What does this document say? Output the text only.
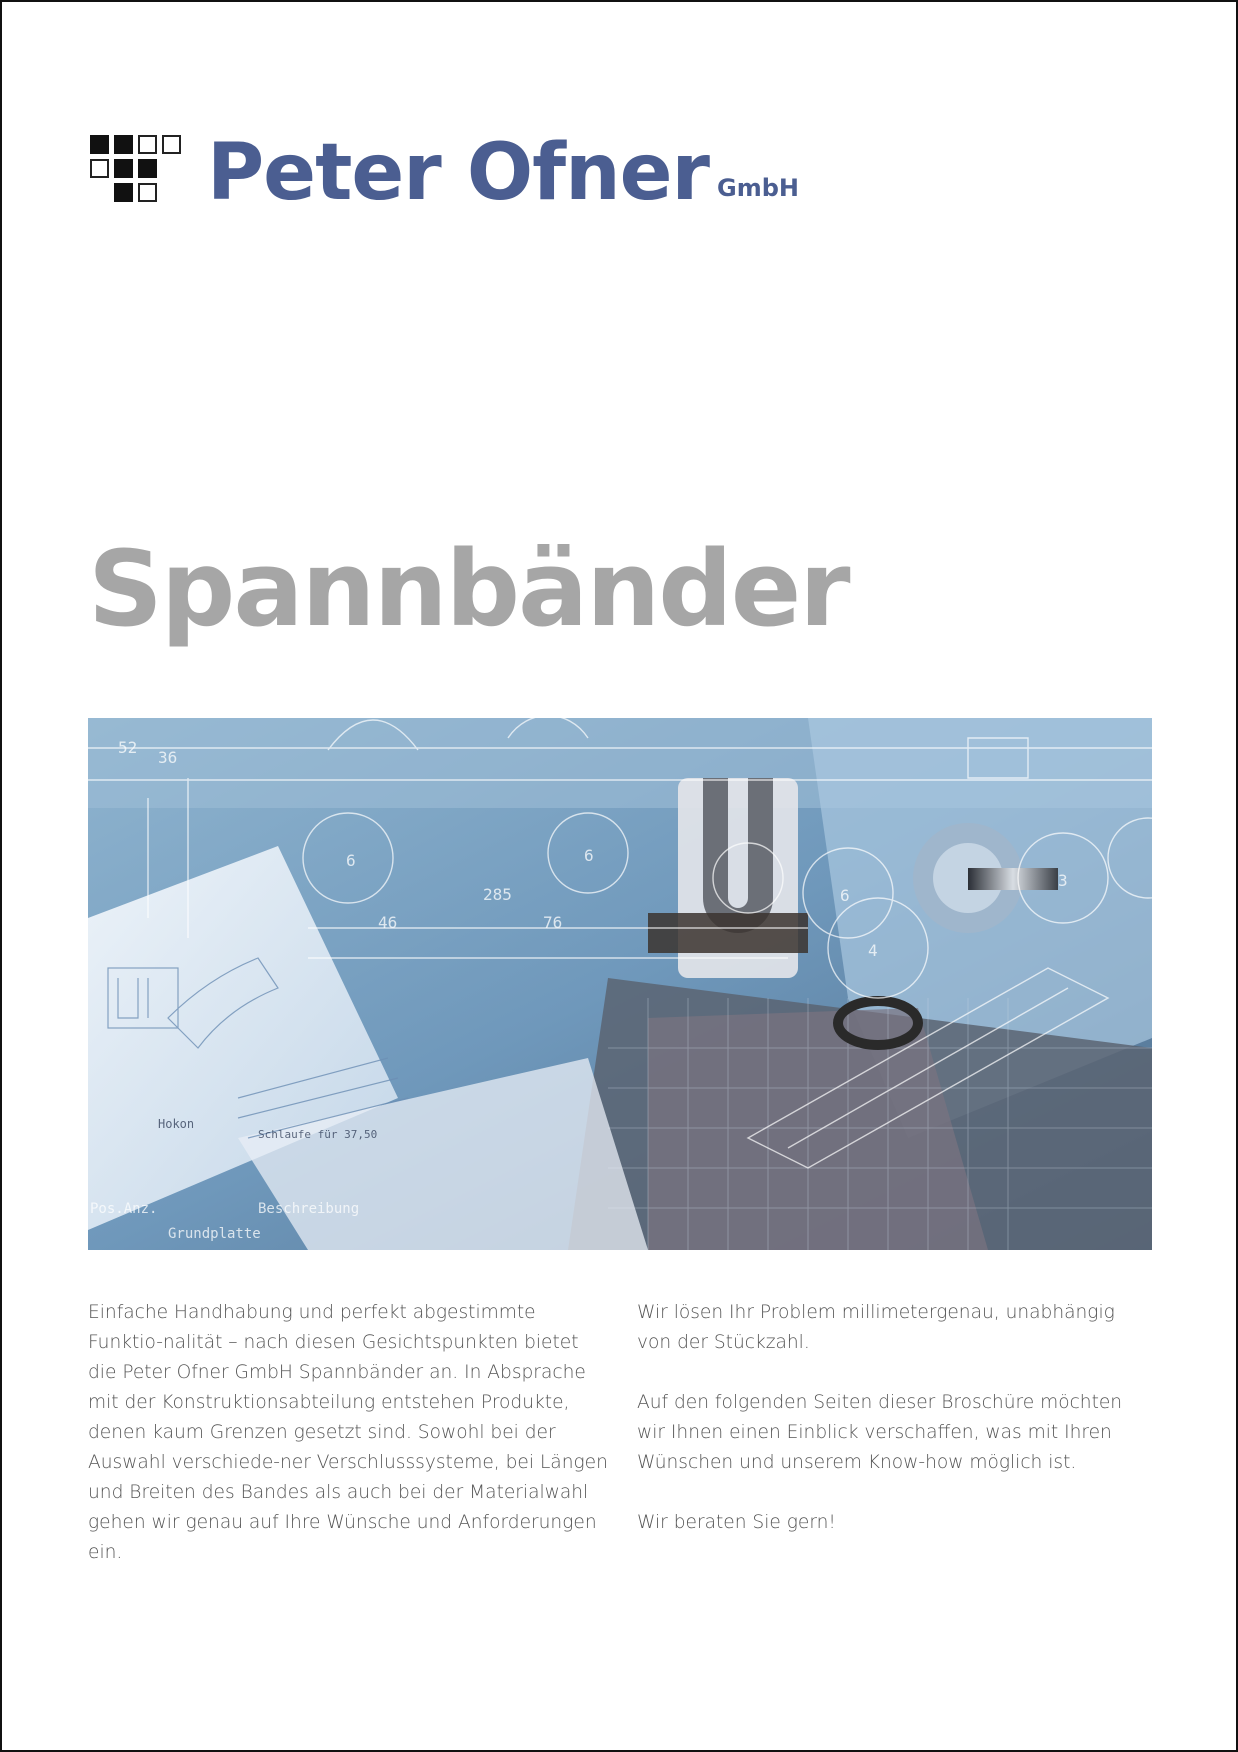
Peter Ofner GmbH
Spannbänder
52
36
285
46	76
6	6
6
3
4
Hokon
Pos.Anz.	Beschreibung
Grundplatte
Schlaufe für 37,50

Einfache Handhabung und perfekt abgestimmte Funktio-nalität – nach diesen Gesichtspunkten bietet die Peter Ofner GmbH Spannbänder an. In Absprache mit der Konstruktionsabteilung entstehen Produkte, denen kaum Grenzen gesetzt sind. Sowohl bei der Auswahl verschiede-ner Verschlusssysteme, bei Längen und Breiten des Bandes als auch bei der Materialwahl gehen wir genau auf Ihre Wünsche und Anforderungen ein.

Wir lösen Ihr Problem millimetergenau, unabhängig von der Stückzahl.

Auf den folgenden Seiten dieser Broschüre möchten wir Ihnen einen Einblick verschaffen, was mit Ihren Wünschen und unserem Know-how möglich ist.

Wir beraten Sie gern!
